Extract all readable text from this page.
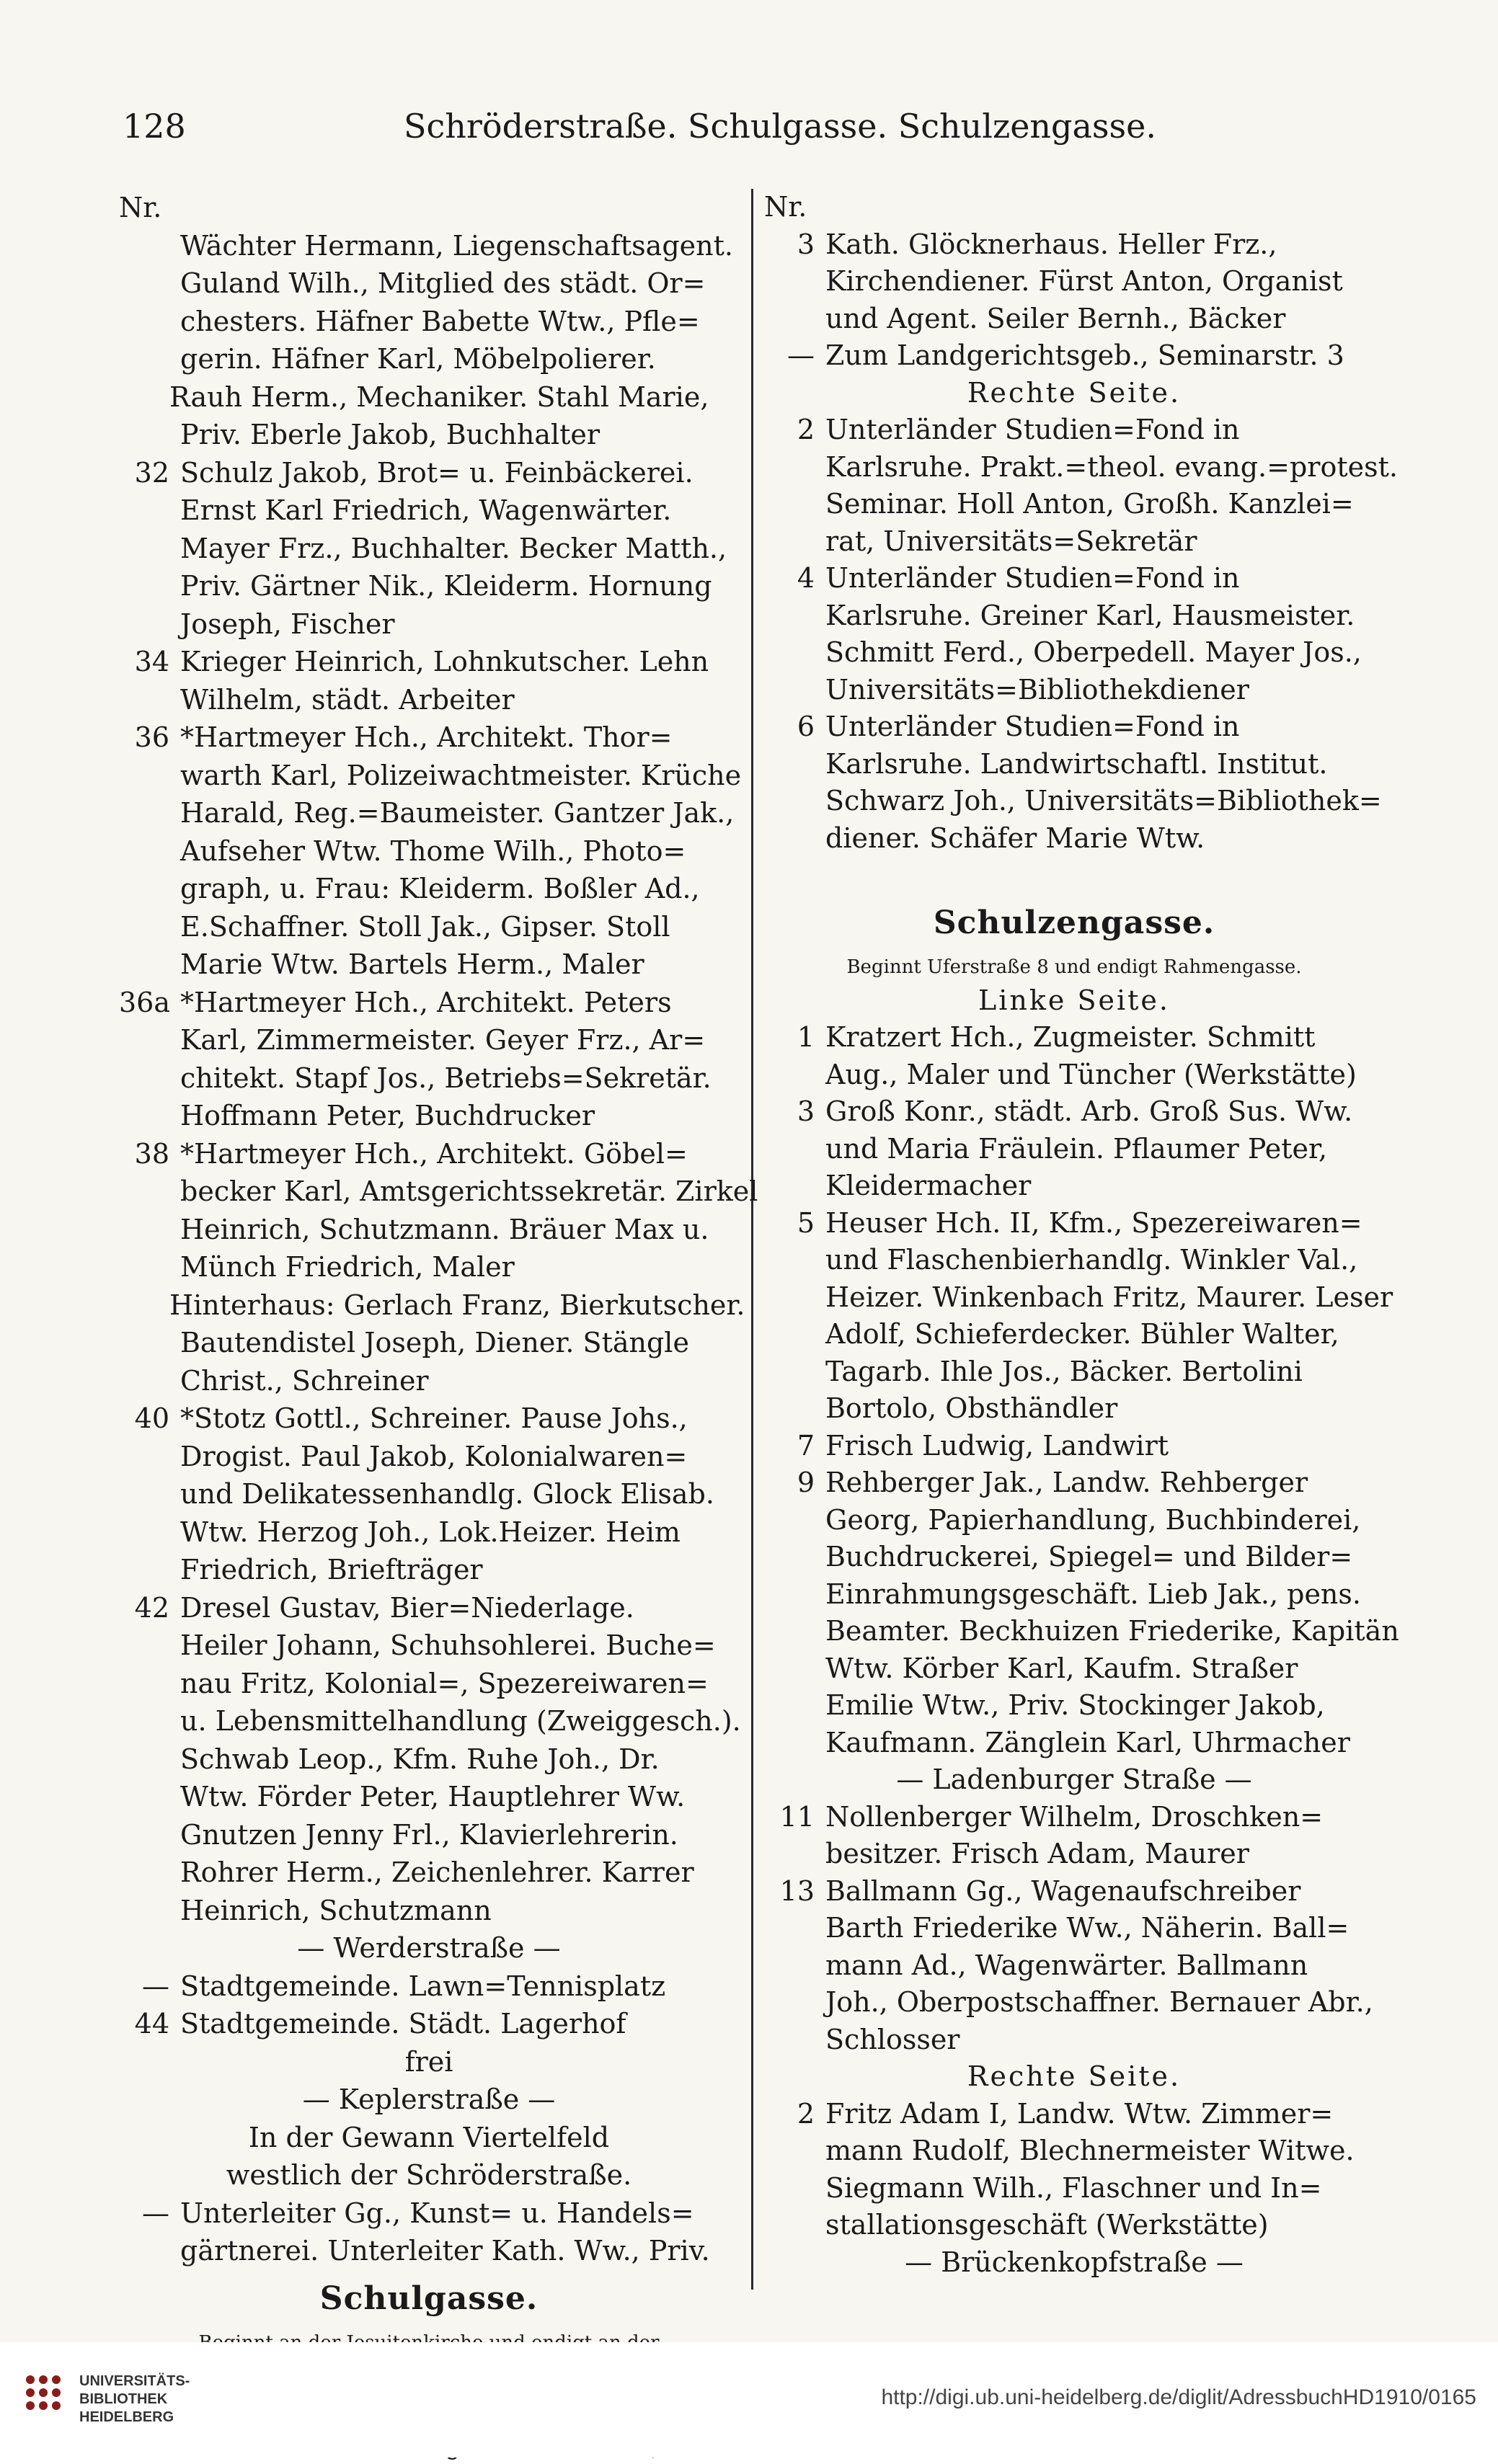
128	Schröderstraße. Schulgasse. Schulzengasse.
Nr.
Wächter Hermann, Liegenschaftsagent.
Guland Wilh., Mitglied des städt. Or=
chesters. Häfner Babette Wtw., Pfle=
gerin. Häfner Karl, Möbelpolierer.
Rauh Herm., Mechaniker. Stahl Marie,
Priv. Eberle Jakob, Buchhalter
32 Schulz Jakob, Brot= u. Feinbäckerei.
Ernst Karl Friedrich, Wagenwärter.
Mayer Frz., Buchhalter. Becker Matth.,
Priv. Gärtner Nik., Kleiderm. Hornung
Joseph, Fischer
34 Krieger Heinrich, Lohnkutscher. Lehn
Wilhelm, städt. Arbeiter
36 *Hartmeyer Hch., Architekt. Thor=
warth Karl, Polizeiwachtmeister. Krüche
Harald, Reg.=Baumeister. Gantzer Jak.,
Aufseher Wtw. Thome Wilh., Photo=
graph, u. Frau: Kleiderm. Boßler Ad.,
E.Schaffner. Stoll Jak., Gipser. Stoll
Marie Wtw. Bartels Herm., Maler
36a *Hartmeyer Hch., Architekt. Peters
Karl, Zimmermeister. Geyer Frz., Ar=
chitekt. Stapf Jos., Betriebs=Sekretär.
Hoffmann Peter, Buchdrucker
38 *Hartmeyer Hch., Architekt. Göbel=
becker Karl, Amtsgerichtssekretär. Zirkel
Heinrich, Schutzmann. Bräuer Max u.
Münch Friedrich, Maler
Hinterhaus: Gerlach Franz, Bierkutscher.
Bautendistel Joseph, Diener. Stängle
Christ., Schreiner
40 *Stotz Gottl., Schreiner. Pause Johs.,
Drogist. Paul Jakob, Kolonialwaren=
und Delikatessenhandlg. Glock Elisab.
Wtw. Herzog Joh., Lok.Heizer. Heim
Friedrich, Briefträger
42 Dresel Gustav, Bier=Niederlage.
Heiler Johann, Schuhsohlerei. Buche=
nau Fritz, Kolonial=, Spezereiwaren=
u. Lebensmittelhandlung (Zweiggesch.).
Schwab Leop., Kfm. Ruhe Joh., Dr.
Wtw. Förder Peter, Hauptlehrer Ww.
Gnutzen Jenny Frl., Klavierlehrerin.
Rohrer Herm., Zeichenlehrer. Karrer
Heinrich, Schutzmann
— Werderstraße —
— Stadtgemeinde. Lawn=Tennisplatz
44 Stadtgemeinde. Städt. Lagerhof
frei
— Keplerstraße —
In der Gewann Viertelfeld
westlich der Schröderstraße.
— Unterleiter Gg., Kunst= u. Handels=
gärtnerei. Unterleiter Kath. Ww., Priv.
Schulgasse.
Nr.
3 Kath. Glöcknerhaus. Heller Frz.,
Kirchendiener. Fürst Anton, Organist
und Agent. Seiler Bernh., Bäcker
— Zum Landgerichtsgeb., Seminarstr. 3
Rechte Seite.
2 Unterländer Studien=Fond in
Karlsruhe. Prakt.=theol. evang.=protest.
Seminar. Holl Anton, Großh. Kanzlei=
rat, Universitäts=Sekretär
4 Unterländer Studien=Fond in
Karlsruhe. Greiner Karl, Hausmeister.
Schmitt Ferd., Oberpedell. Mayer Jos.,
Universitäts=Bibliothekdiener
6 Unterländer Studien=Fond in
Karlsruhe. Landwirtschaftl. Institut.
Schwarz Joh., Universitäts=Bibliothek=
diener. Schäfer Marie Wtw.
Schulzengasse.
Beginnt Uferstraße 8 und endigt Rahmengasse.
Linke Seite.
1 Kratzert Hch., Zugmeister. Schmitt
Aug., Maler und Tüncher (Werkstätte)
3 Groß Konr., städt. Arb. Groß Sus. Ww.
und Maria Fräulein. Pflaumer Peter,
Kleidermacher
5 Heuser Hch. II, Kfm., Spezereiwaren=
und Flaschenbierhandlg. Winkler Val.,
Heizer. Winkenbach Fritz, Maurer. Leser
Adolf, Schieferdecker. Bühler Walter,
Tagarb. Ihle Jos., Bäcker. Bertolini
Bortolo, Obsthändler
7 Frisch Ludwig, Landwirt
9 Rehberger Jak., Landw. Rehberger
Georg, Papierhandlung, Buchbinderei,
Buchdruckerei, Spiegel= und Bilder=
Einrahmungsgeschäft. Lieb Jak., pens.
Beamter. Beckhuizen Friederike, Kapitän
Wtw. Körber Karl, Kaufm. Straßer
Emilie Wtw., Priv. Stockinger Jakob,
Kaufmann. Zänglein Karl, Uhrmacher
— Ladenburger Straße —
11 Nollenberger Wilhelm, Droschken=
besitzer. Frisch Adam, Maurer
13 Ballmann Gg., Wagenaufschreiber
Barth Friederike Ww., Näherin. Ball=
mann Ad., Wagenwärter. Ballmann
Joh., Oberpostschaffner. Bernauer Abr.,
Schlosser
Rechte Seite.
2 Fritz Adam I, Landw. Wtw. Zimmer=
mann Rudolf, Blechnermeister Witwe.
Siegmann Wilh., Flaschner und In=
stallationsgeschäft (Werkstätte)
— Brückenkopfstraße —
UNIVERSITÄTS-
BIBLIOTHEK
HEIDELBERG
http://digi.ub.uni-heidelberg.de/diglit/AdressbuchHD1910/0165
